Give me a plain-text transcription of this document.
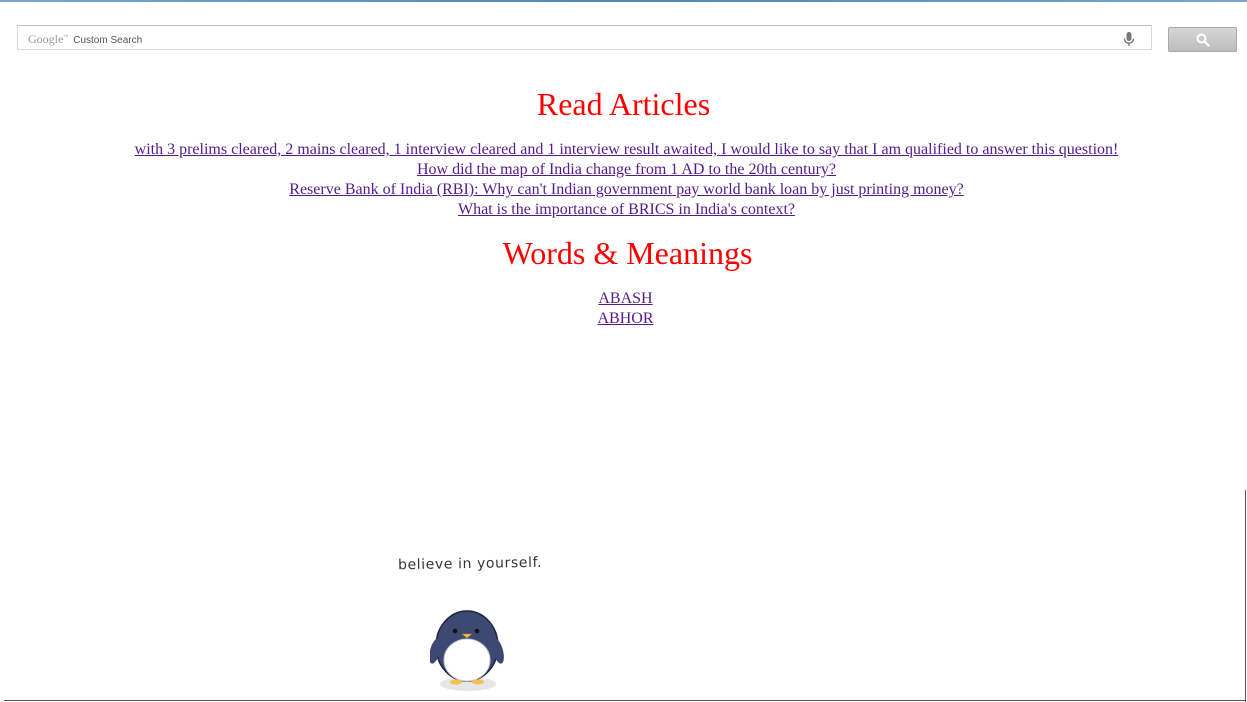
Google™ Custom Search
Read Articles
with 3 prelims cleared, 2 mains cleared, 1 interview cleared and 1 interview result awaited, I would like to say that I am qualified to answer this question!
How did the map of India change from 1 AD to the 20th century?
Reserve Bank of India (RBI): Why can't Indian government pay world bank loan by just printing money?
What is the importance of BRICS in India's context?
Words & Meanings
ABASH
ABHOR
believe in yourself.
